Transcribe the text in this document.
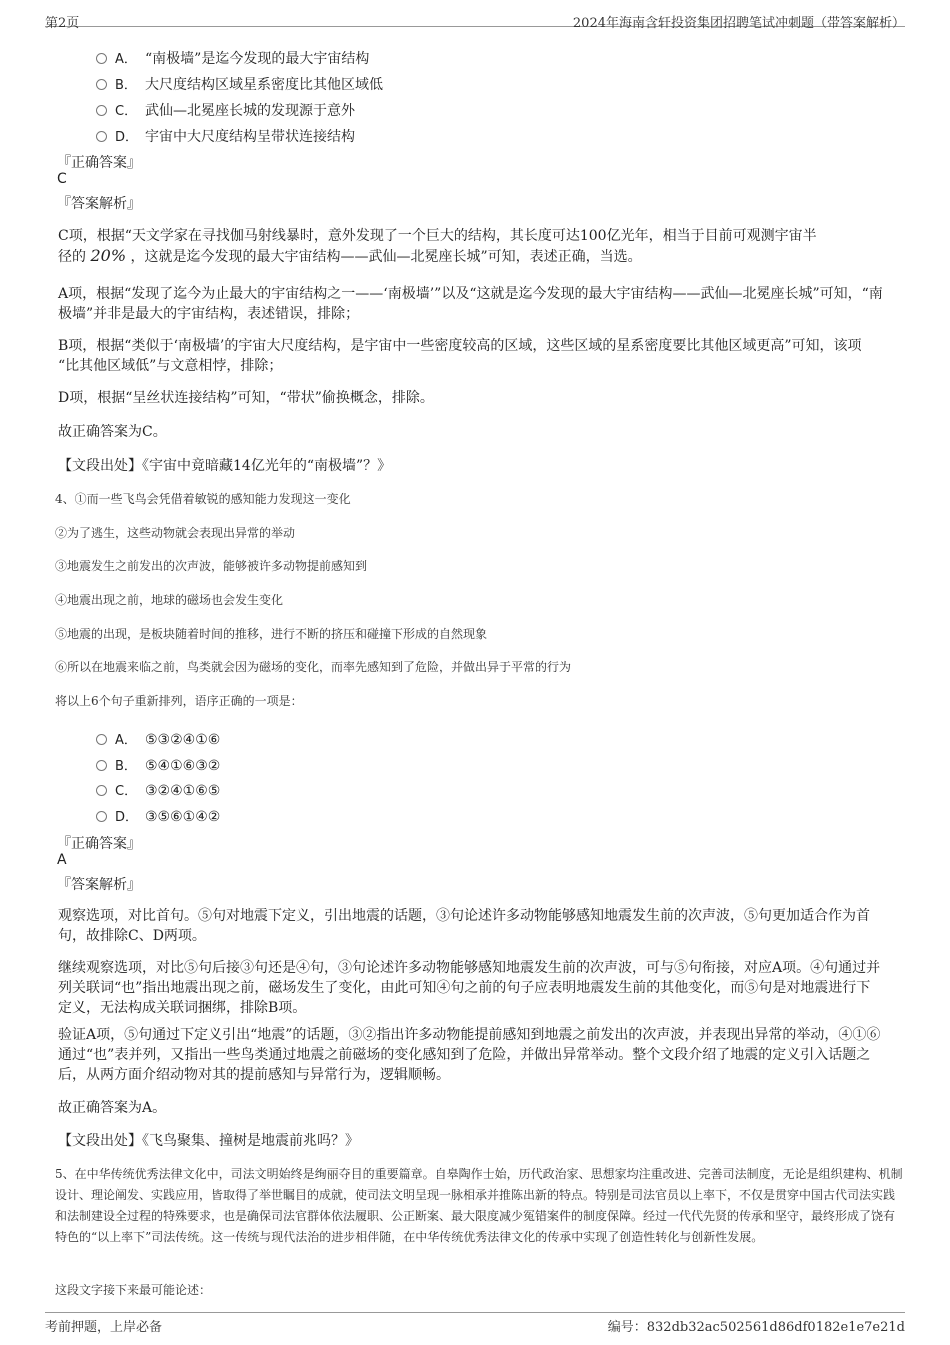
第2页	2024年海南含轩投资集团招聘笔试冲刺题（带答案解析）
A． “南极墙”是迄今发现的最大宇宙结构
B． 大尺度结构区域星系密度比其他区域低
C． 武仙—北冕座长城的发现源于意外
D． 宇宙中大尺度结构呈带状连接结构
『正确答案』
C
『答案解析』
C项，根据“天文学家在寻找伽马射线暴时，意外发现了一个巨大的结构，其长度可达100亿光年，相当于目前可观测宇宙半
径的 20% ，这就是迄今发现的最大宇宙结构——武仙—北冕座长城”可知，表述正确，当选。
A项，根据“发现了迄今为止最大的宇宙结构之一——‘南极墙’”以及“这就是迄今发现的最大宇宙结构——武仙—北冕座长城”可知，“南极墙”并非是最大的宇宙结构，表述错误，排除；
B项，根据“类似于‘南极墙’的宇宙大尺度结构，是宇宙中一些密度较高的区域，这些区域的星系密度要比其他区域更高”可知，该项 “比其他区域低”与文意相悖，排除；
D项，根据“呈丝状连接结构”可知，“带状”偷换概念，排除。
故正确答案为C。
【文段出处】《宇宙中竟暗藏14亿光年的“南极墙”？》
4、①而一些飞鸟会凭借着敏锐的感知能力发现这一变化
②为了逃生，这些动物就会表现出异常的举动
③地震发生之前发出的次声波，能够被许多动物提前感知到
④地震出现之前，地球的磁场也会发生变化
⑤地震的出现，是板块随着时间的推移，进行不断的挤压和碰撞下形成的自然现象
⑥所以在地震来临之前，鸟类就会因为磁场的变化，而率先感知到了危险，并做出异于平常的行为
将以上6个句子重新排列，语序正确的一项是：
A． ⑤③②④①⑥
B． ⑤④①⑥③②
C． ③②④①⑥⑤
D． ③⑤⑥①④②
『正确答案』
A
『答案解析』
观察选项，对比首句。⑤句对地震下定义，引出地震的话题，③句论述许多动物能够感知地震发生前的次声波，⑤句更加适合作为首句，故排除C、D两项。
继续观察选项，对比⑤句后接③句还是④句，③句论述许多动物能够感知地震发生前的次声波，可与⑤句衔接，对应A项。④句通过并列关联词“也”指出地震出现之前，磁场发生了变化，由此可知④句之前的句子应表明地震发生前的其他变化，而⑤句是对地震进行下定义，无法构成关联词捆绑，排除B项。
验证A项，⑤句通过下定义引出“地震”的话题，③②指出许多动物能提前感知到地震之前发出的次声波，并表现出异常的举动，④①⑥通过“也”表并列，又指出一些鸟类通过地震之前磁场的变化感知到了危险，并做出异常举动。整个文段介绍了地震的定义引入话题之后，从两方面介绍动物对其的提前感知与异常行为，逻辑顺畅。
故正确答案为A。
【文段出处】《飞鸟聚集、撞树是地震前兆吗？》
5、在中华传统优秀法律文化中，司法文明始终是绚丽夺目的重要篇章。自皋陶作士始，历代政治家、思想家均注重改进、完善司法制度，无论是组织建构、机制设计、理论阐发、实践应用，皆取得了举世瞩目的成就，使司法文明呈现一脉相承并推陈出新的特点。特别是司法官员以上率下，不仅是贯穿中国古代司法实践和法制建设全过程的特殊要求，也是确保司法官群体依法履职、公正断案、最大限度减少冤错案件的制度保障。经过一代代先贤的传承和坚守，最终形成了饶有特色的“以上率下”司法传统。这一传统与现代法治的进步相伴随，在中华传统优秀法律文化的传承中实现了创造性转化与创新性发展。
这段文字接下来最可能论述：
考前押题，上岸必备	编号：832db32ac502561d86df0182e1e7e21d
